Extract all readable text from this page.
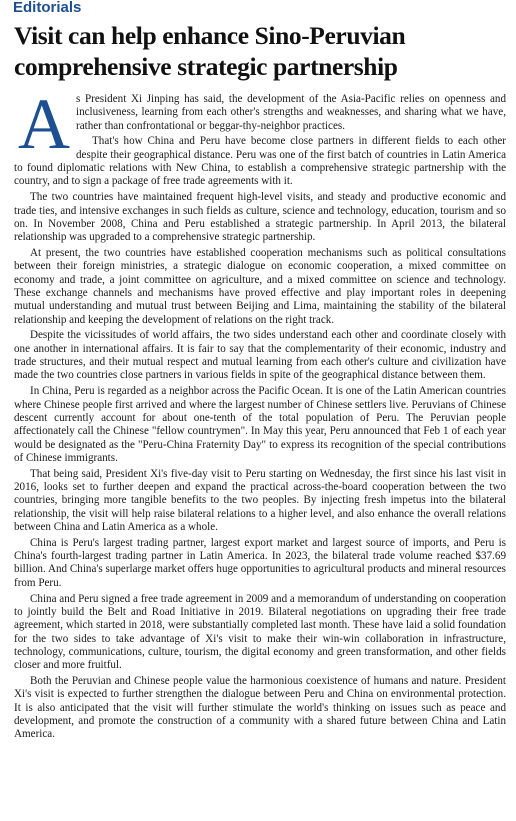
Editorials
Visit can help enhance Sino-Peruvian comprehensive strategic partnership

As President Xi Jinping has said, the development of the Asia-Pacific relies on openness and inclusiveness, learning from each other's strengths and weaknesses, and sharing what we have, rather than confrontational or beggar-thy-neighbor practices.

That's how China and Peru have become close partners in different fields to each other despite their geographical distance. Peru was one of the first batch of countries in Latin America to found diplomatic relations with New China, to establish a comprehensive strategic partnership with the country, and to sign a package of free trade agreements with it.

The two countries have maintained frequent high-level visits, and steady and productive economic and trade ties, and intensive exchanges in such fields as culture, science and technology, education, tourism and so on. In November 2008, China and Peru established a strategic partnership. In April 2013, the bilateral relationship was upgraded to a comprehensive strategic partnership.

At present, the two countries have established cooperation mechanisms such as political consultations between their foreign ministries, a strategic dialogue on economic cooperation, a mixed committee on economy and trade, a joint committee on agriculture, and a mixed committee on science and technology. These exchange channels and mechanisms have proved effective and play important roles in deepening mutual understanding and mutual trust between Beijing and Lima, maintaining the stability of the bilateral relationship and keeping the development of relations on the right track.

Despite the vicissitudes of world affairs, the two sides understand each other and coordinate closely with one another in international affairs. It is fair to say that the complementarity of their economic, industry and trade structures, and their mutual respect and mutual learning from each other's culture and civilization have made the two countries close partners in various fields in spite of the geographical distance between them.

In China, Peru is regarded as a neighbor across the Pacific Ocean. It is one of the Latin American countries where Chinese people first arrived and where the largest number of Chinese settlers live. Peruvians of Chinese descent currently account for about one-tenth of the total population of Peru. The Peruvian people affectionately call the Chinese "fellow countrymen". In May this year, Peru announced that Feb 1 of each year would be designated as the "Peru-China Fraternity Day" to express its recognition of the special contributions of Chinese immigrants.

That being said, President Xi's five-day visit to Peru starting on Wednesday, the first since his last visit in 2016, looks set to further deepen and expand the practical across-the-board cooperation between the two countries, bringing more tangible benefits to the two peoples. By injecting fresh impetus into the bilateral relationship, the visit will help raise bilateral relations to a higher level, and also enhance the overall relations between China and Latin America as a whole.

China is Peru's largest trading partner, largest export market and largest source of imports, and Peru is China's fourth-largest trading partner in Latin America. In 2023, the bilateral trade volume reached $37.69 billion. And China's superlarge market offers huge opportunities to agricultural products and mineral resources from Peru.

China and Peru signed a free trade agreement in 2009 and a memorandum of understanding on cooperation to jointly build the Belt and Road Initiative in 2019. Bilateral negotiations on upgrading their free trade agreement, which started in 2018, were substantially completed last month. These have laid a solid foundation for the two sides to take advantage of Xi's visit to make their win-win collaboration in infrastructure, technology, communications, culture, tourism, the digital economy and green transformation, and other fields closer and more fruitful.

Both the Peruvian and Chinese people value the harmonious coexistence of humans and nature. President Xi's visit is expected to further strengthen the dialogue between Peru and China on environmental protection. It is also anticipated that the visit will further stimulate the world's thinking on issues such as peace and development, and promote the construction of a community with a shared future between China and Latin America.
